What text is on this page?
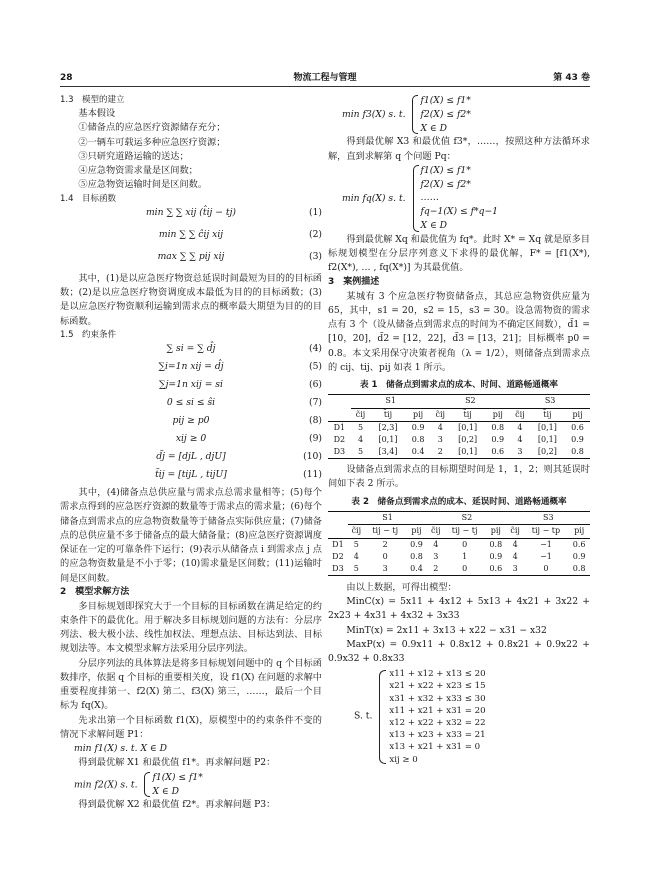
28	物流工程与管理	第 43 卷
1.3　模型的建立
基本假设
①储备点的应急医疗资源储存充分；
②一辆车可载运多种应急医疗资源；
③只研究道路运输的送达；
④应急物资需求量是区间数；
⑤应急物资运输时间是区间数。
1.4　目标函数
min ∑ ∑ xij (t̂ij − tj)	(1)
min ∑ ∑ ĉij xij	(2)
max ∑ ∑ pij xij	(3)
其中，(1)是以应急医疗物资总延误时间最短为目的的目标函数；(2)是以应急医疗物资调度成本最低为目的的目标函数；(3)是以应急医疗物资顺利运输到需求点的概率最大期望为目的的目标函数。
1.5　约束条件
∑ si = ∑ d̂j	(4)
∑i=1n xij = d̂j	(5)
∑j=1n xij = si	(6)
0 ≤ si ≤ ŝi	(7)
pij ≥ p0	(8)
xij ≥ 0	(9)
d̃j = [djL , djU]	(10)
t̃ij = [tijL , tijU]	(11)
其中，(4)储备点总供应量与需求点总需求量相等；(5)每个需求点得到的应急医疗资源的数量等于需求点的需求量；(6)每个储备点到需求点的应急物资数量等于储备点实际供应量；(7)储备点的总供应量不多于储备点的最大储备量；(8)应急医疗资源调度保证在一定的可靠条件下运行；(9)表示从储备点 i 到需求点 j 点的应急物资数量是不小于零；(10)需求量是区间数；(11)运输时间是区间数。
2　模型求解方法
多目标规划即探究大于一个目标的目标函数在满足给定的约束条件下的最优化。用于解决多目标规划问题的方法有：分层序列法、极大极小法、线性加权法、理想点法、目标达到法、目标规划法等。本文模型求解方法采用分层序列法。
分层序列法的具体算法是将多目标规划问题中的 q 个目标函数排序，依据 q 个目标的重要相关度，设 f1(X) 在问题的求解中重要程度排第一、f2(X) 第二、f3(X) 第三，……，最后一个目标为 fq(X)。
先求出第一个目标函数 f1(X)，原模型中的约束条件不变的情况下求解问题 P1：
min f1(X) s. t. X ∈ D
得到最优解 X1 和最优值 f1*。再求解问题 P2：
min f2(X) s. t.
f1(X) ≤ f1*
X ∈ D
得到最优解 X2 和最优值 f2*。再求解问题 P3：
min f3(X) s. t.
f1(X) ≤ f1*
f2(X) ≤ f2*
X ∈ D
得到最优解 X3 和最优值 f3*，……，按照这种方法循环求解，直到求解第 q 个问题 Pq：
min fq(X) s. t.
f1(X) ≤ f1*
f2(X) ≤ f2*
……
fq−1(X) ≤ f*q−1
X ∈ D
得到最优解 Xq 和最优值为 fq*。此时 X* = Xq 就是原多目标规划模型在分层序列意义下求得的最优解，F* = [f1(X*), f2(X*), … , fq(X*)] 为其最优值。
3　案例描述
某城有 3 个应急医疗物资储备点，其总应急物资供应量为 65，其中，s1 = 20，s2 = 15，s3 = 30。设急需物资的需求点有 3 个（设从储备点到需求点的时间为不确定区间数），d̃1 = [10，20]，d̃2 = [12，22]，d̃3 = [13，21]；目标概率 p0 = 0.8。本文采用保守决策者视角（λ = 1/2），则储备点到需求点的 cij、tij、pij 如表 1 所示。
表 1　储备点到需求点的成本、时间、道路畅通概率
	S1			S2			S3		
	c̃ij	t̃ij	pij	c̃ij	t̃ij	pij	c̃ij	t̃ij	pij
D1	5	[2,3]	0.9	4	[0,1]	0.8	4	[0,1]	0.6
D2	4	[0,1]	0.8	3	[0,2]	0.9	4	[0,1]	0.9
D3	5	[3,4]	0.4	2	[0,1]	0.6	3	[0,2]	0.8
设储备点到需求点的目标期望时间是 1，1，2；则其延误时间如下表 2 所示。
表 2　储备点到需求点的成本、延误时间、道路畅通概率
	S1			S2			S3		
	c̃ij	tij − tj	pij	c̃ij	tij − tj	pij	c̃ij	tij − tp	pij
D1	5	2	0.9	4	0	0.8	4	−1	0.6
D2	4	0	0.8	3	1	0.9	4	−1	0.9
D3	5	3	0.4	2	0	0.6	3	0	0.8
由以上数据，可得出模型：
MinC(x) = 5x11 + 4x12 + 5x13 + 4x21 + 3x22 + 2x23 + 4x31 + 4x32 + 3x33
MinT(x) = 2x11 + 3x13 + x22 − x31 − x32
MaxP(x) = 0.9x11 + 0.8x12 + 0.8x21 + 0.9x22 + 0.9x32 + 0.8x33
S. t.
x11 + x12 + x13 ≤ 20
x21 + x22 + x23 ≤ 15
x31 + x32 + x33 ≤ 30
x11 + x21 + x31 = 20
x12 + x22 + x32 = 22
x13 + x23 + x33 = 21
x13 + x21 + x31 = 0
xij ≥ 0
